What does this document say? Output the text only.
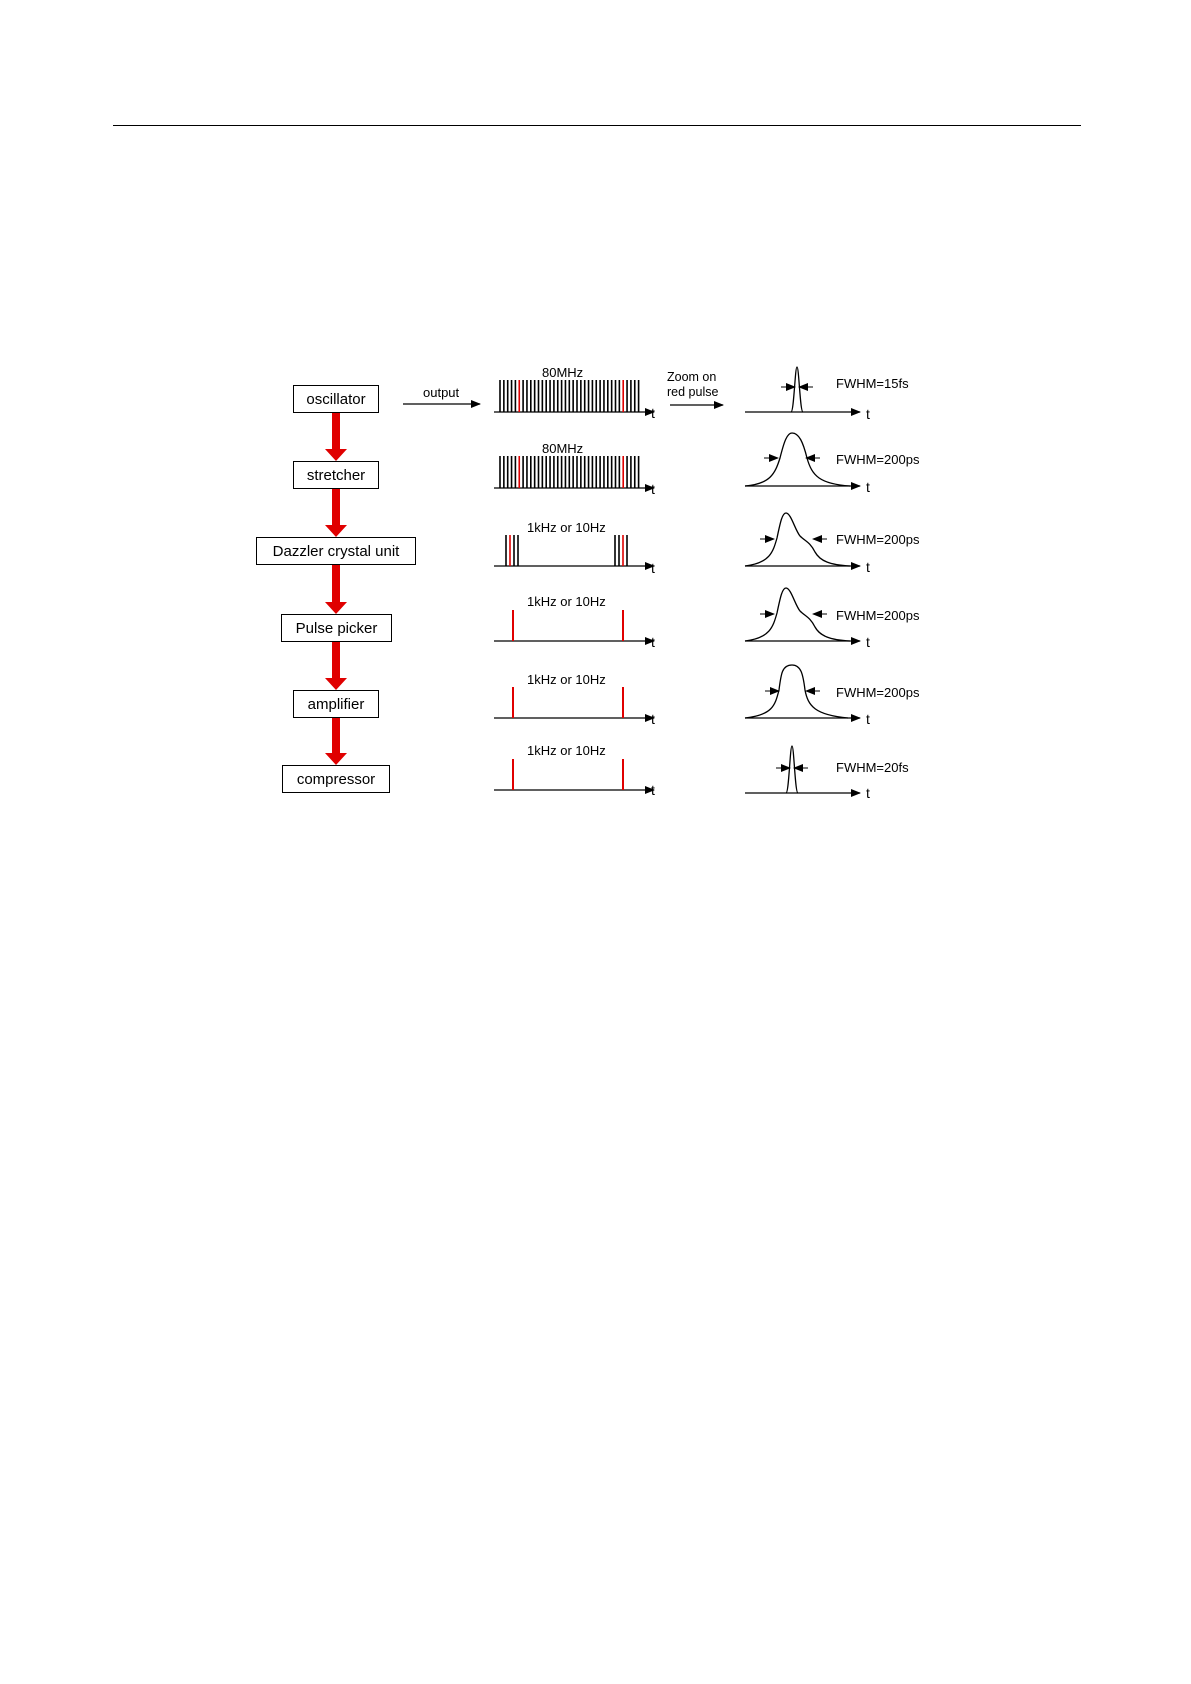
oscillator
stretcher
Dazzler crystal unit
Pulse picker
amplifier
compressor
output
Zoom on
red pulse
80MHz
80MHz
1kHz or 10Hz
1kHz or 10Hz
1kHz or 10Hz
1kHz or 10Hz
FWHM=15fs
FWHM=200ps
FWHM=200ps
FWHM=200ps
FWHM=200ps
FWHM=20fs
t
t
t
t
t
t
t
t
t
t
t
t
